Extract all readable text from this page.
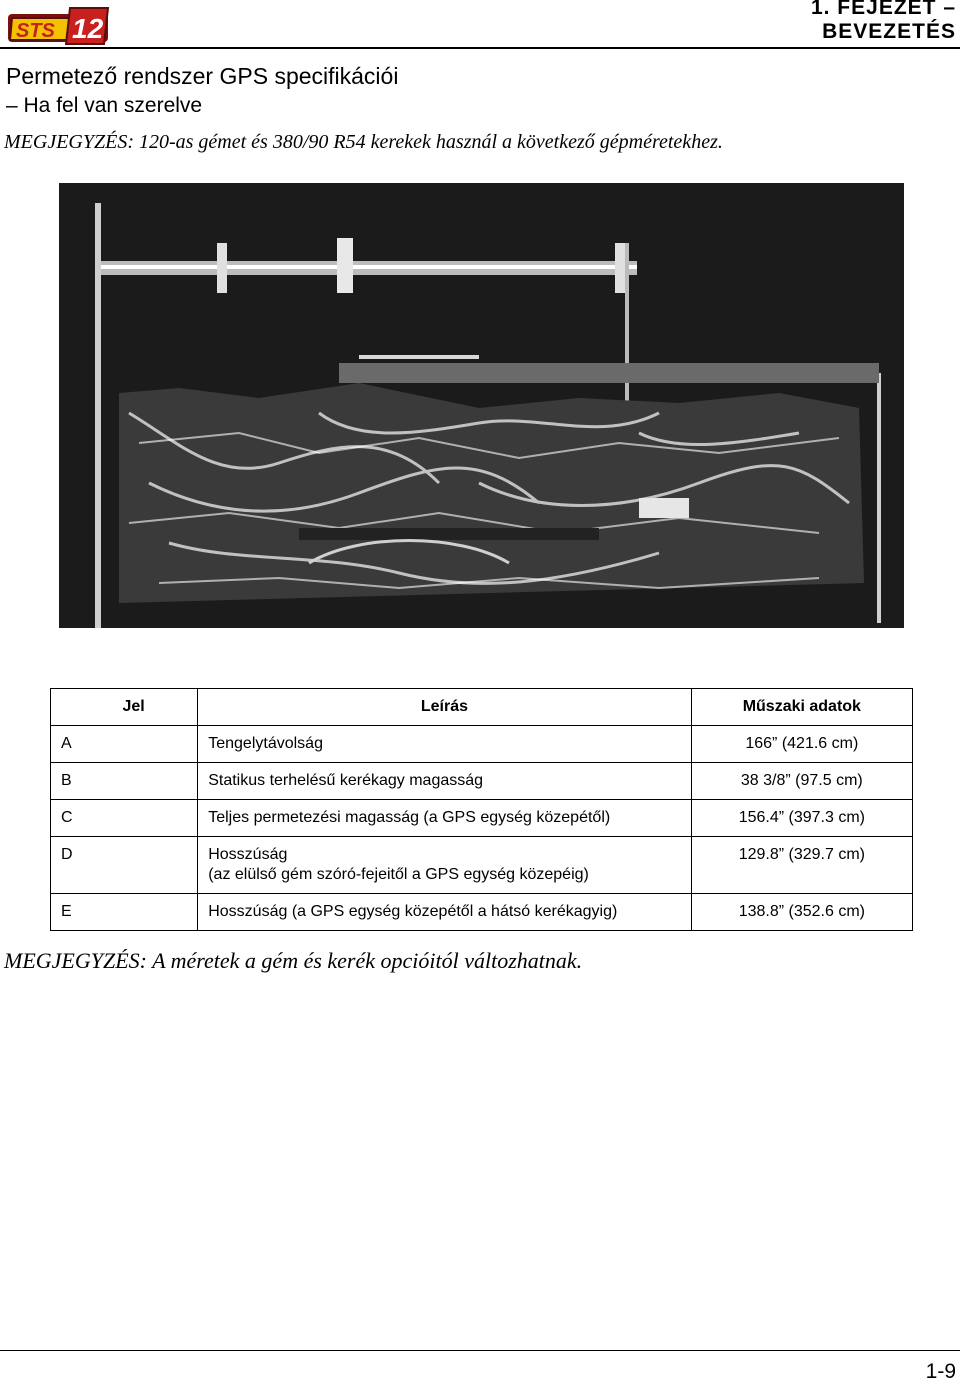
STS 12
1. FEJEZET –
BEVEZETÉS
Permetező rendszer GPS specifikációi
– Ha fel van szerelve
MEGJEGYZÉS: 120-as gémet és 380/90 R54 kerekek használ a következő gépméretekhez.
Jel	Leírás	Műszaki adatok
A	Tengelytávolság	166” (421.6 cm)
B	Statikus terhelésű kerékagy magasság	38 3/8” (97.5 cm)
C	Teljes permetezési magasság (a GPS egység közepétől)	156.4” (397.3 cm)
D	Hosszúság
(az elülső gém szóró-fejeitől a GPS egység közepéig)	129.8” (329.7 cm)
E	Hosszúság (a GPS egység közepétől a hátsó kerékagyig)	138.8” (352.6 cm)
MEGJEGYZÉS: A méretek a gém és kerék opcióitól változhatnak.
1-9
